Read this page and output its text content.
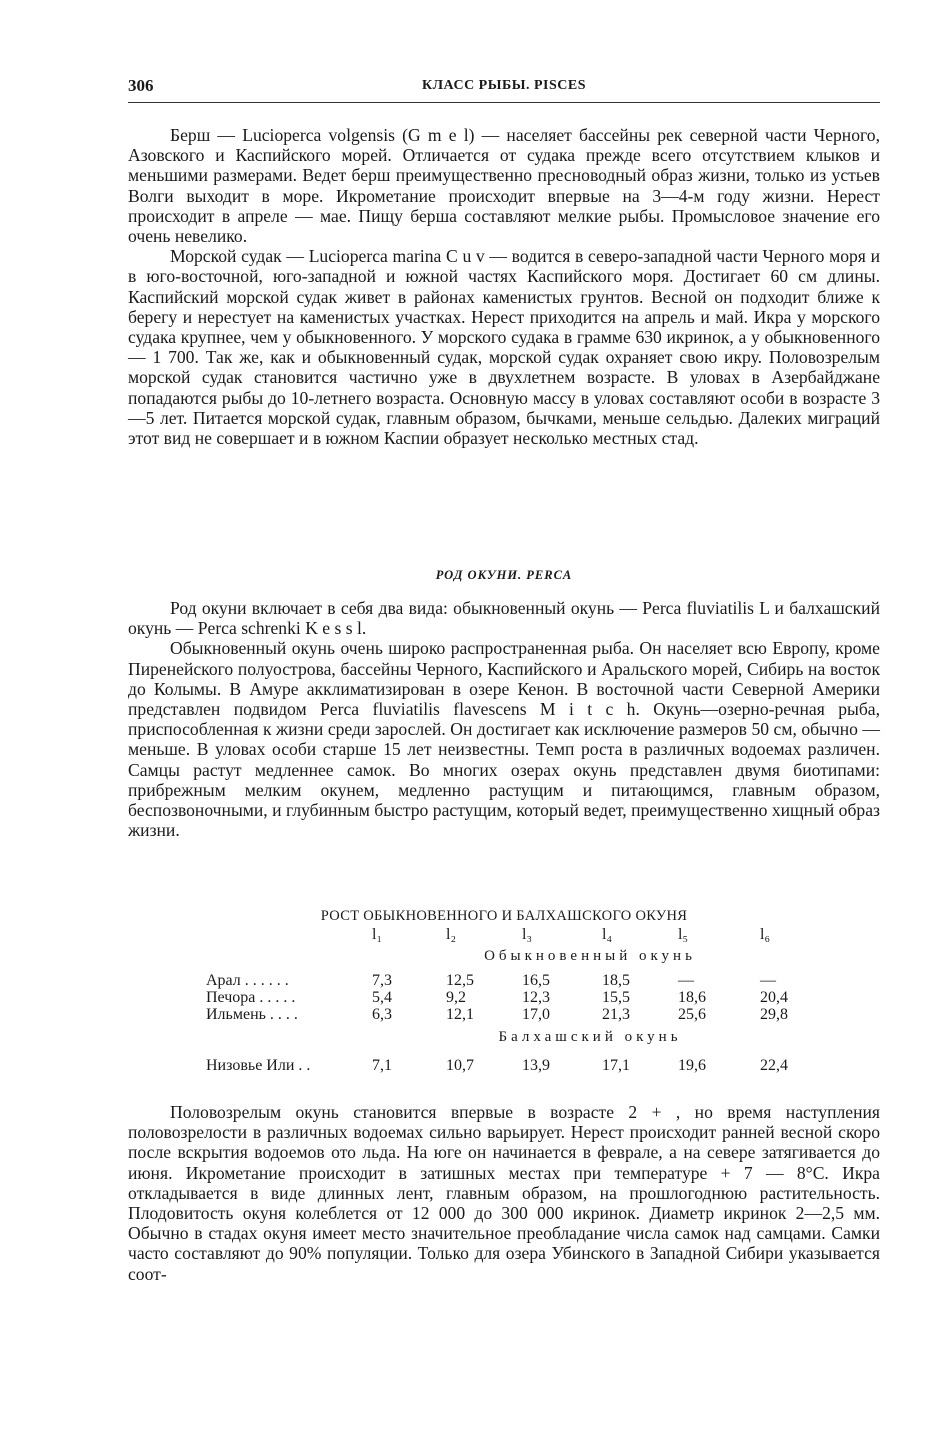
306	КЛАСС РЫБЫ. PISCES

Берш — Lucioperca volgensis (G m e l) — населяет бассейны рек северной части Черного, Азовского и Каспийского морей. Отличается от судака прежде всего отсутствием клыков и меньшими размерами. Ведет берш преимущественно пресноводный образ жизни, только из устьев Волги выходит в море. Икрометание происходит впервые на 3—4-м году жизни. Нерест происходит в апреле — мае. Пищу берша составляют мелкие рыбы. Промысловое значение его очень невелико.

Морской судак — Lucioperca marina C u v — водится в северо-западной части Черного моря и в юго-восточной, юго-западной и южной частях Каспийского моря. Достигает 60 см длины. Каспийский морской судак живет в районах каменистых грунтов. Весной он подходит ближе к берегу и нерестует на каменистых участках. Нерест приходится на апрель и май. Икра у морского судака крупнее, чем у обыкновенного. У морского судака в грамме 630 икринок, а у обыкновенного — 1 700. Так же, как и обыкновенный судак, морской судак охраняет свою икру. Половозрелым морской судак становится частично уже в двухлетнем возрасте. В уловах в Азербайджане попадаются рыбы до 10-летнего возраста. Основную массу в уловах составляют особи в возрасте 3—5 лет. Питается морской судак, главным образом, бычками, меньше сельдью. Далеких миграций этот вид не совершает и в южном Каспии образует несколько местных стад.

РОД ОКУНИ. PERCA

Род окуни включает в себя два вида: обыкновенный окунь — Perca fluviatilis L и балхашский окунь — Perca schrenki K e s s l.

Обыкновенный окунь очень широко распространенная рыба. Он населяет всю Европу, кроме Пиренейского полуострова, бассейны Черного, Каспийского и Аральского морей, Сибирь на восток до Колымы. В Амуре акклиматизирован в озере Кенон. В восточной части Северной Америки представлен подвидом Perca fluviatilis flavescens M i t c h. Окунь—озерно-речная рыба, приспособленная к жизни среди зарослей. Он достигает как исключение размеров 50 см, обычно — меньше. В уловах особи старше 15 лет неизвестны. Темп роста в различных водоемах различен. Самцы растут медленнее самок. Во многих озерах окунь представлен двумя биотипами: прибрежным мелким окунем, медленно растущим и питающимся, главным образом, беспозвоночными, и глубинным быстро растущим, который ведет, преимущественно хищный образ жизни.

РОСТ ОБЫКНОВЕННОГО И БАЛХАШСКОГО ОКУНЯ
l₁	l₂	l₃	l₄	l₅	l₆
Обыкновенный окунь
Арал . . . . . .	7,3	12,5	16,5	18,5	—	—
Печора . . . . .	5,4	9,2	12,3	15,5	18,6	20,4
Ильмень . . . .	6,3	12,1	17,0	21,3	25,6	29,8
Балхашский окунь
Низовье Или . .	7,1	10,7	13,9	17,1	19,6	22,4

Половозрелым окунь становится впервые в возрасте 2 + , но время наступления половозрелости в различных водоемах сильно варьирует. Нерест происходит ранней весной скоро после вскрытия водоемов ото льда. На юге он начинается в феврале, а на севере затягивается до июня. Икрометание происходит в затишных местах при температуре + 7 — 8°С. Икра откладывается в виде длинных лент, главным образом, на прошлогоднюю растительность. Плодовитость окуня колеблется от 12 000 до 300 000 икринок. Диаметр икринок 2—2,5 мм. Обычно в стадах окуня имеет место значительное преобладание числа самок над самцами. Самки часто составляют до 90% популяции. Только для озера Убинского в Западной Сибири указывается соот-
